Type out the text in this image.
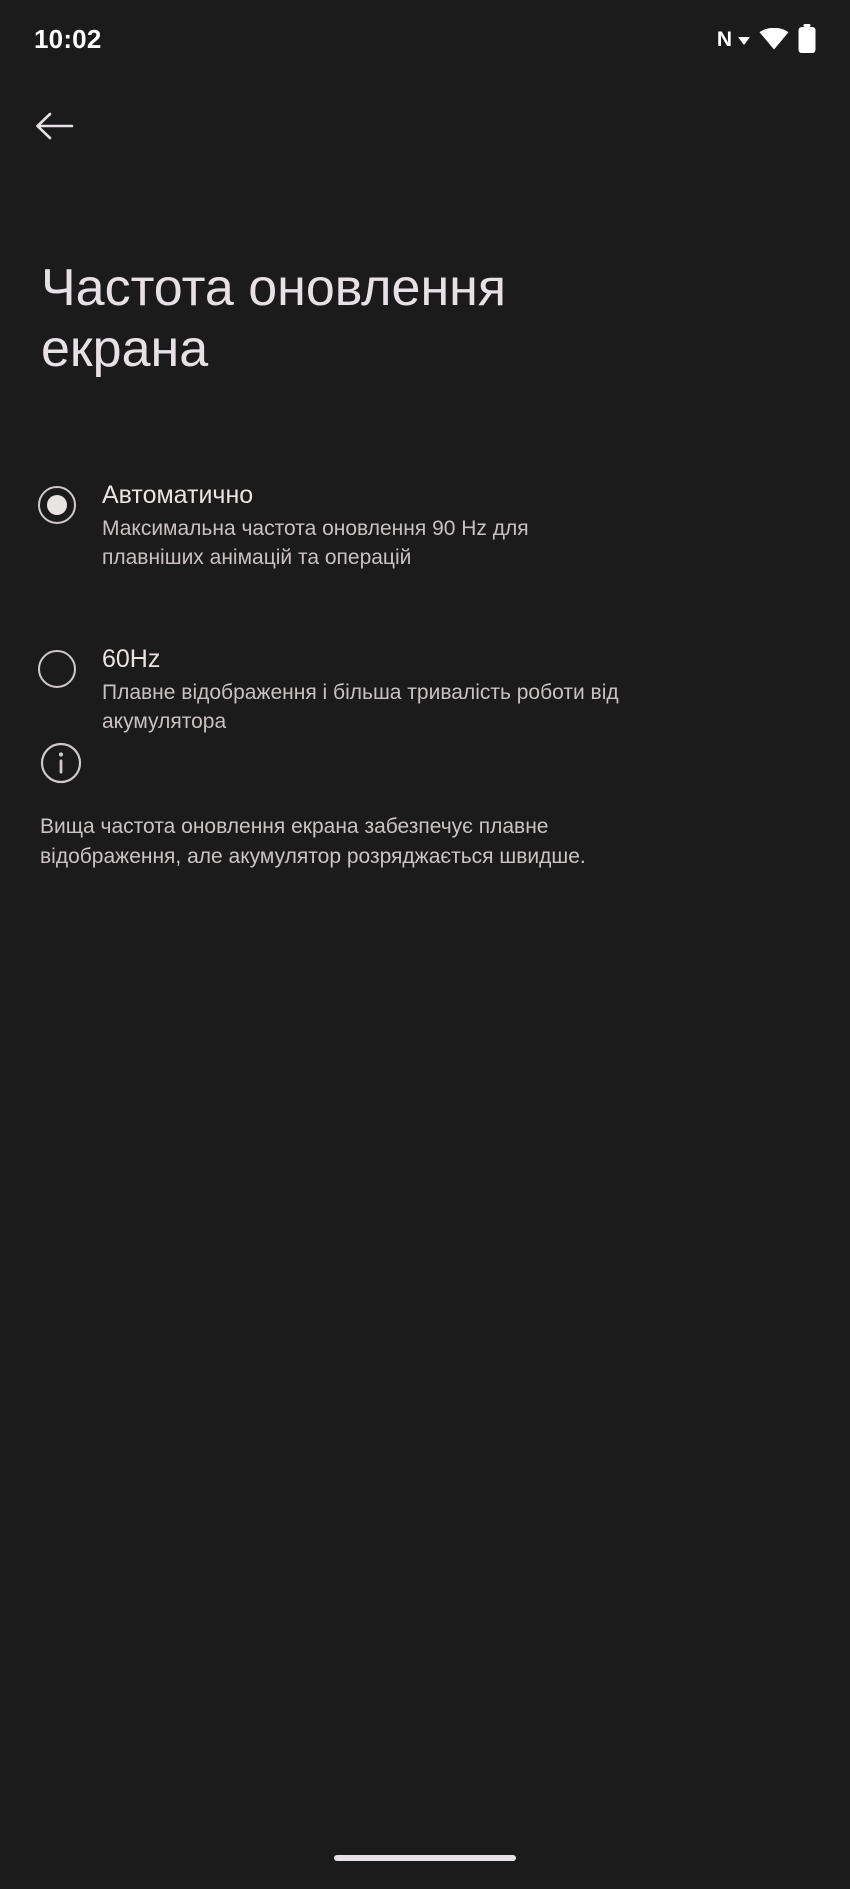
10:02	N
Частота оновлення екрана
Автоматично
Максимальна частота оновлення 90 Hz для плавніших анімацій та операцій
60Hz
Плавне відображення і більша тривалість роботи від акумулятора
Вища частота оновлення екрана забезпечує плавне відображення, але акумулятор розряджається швидше.
